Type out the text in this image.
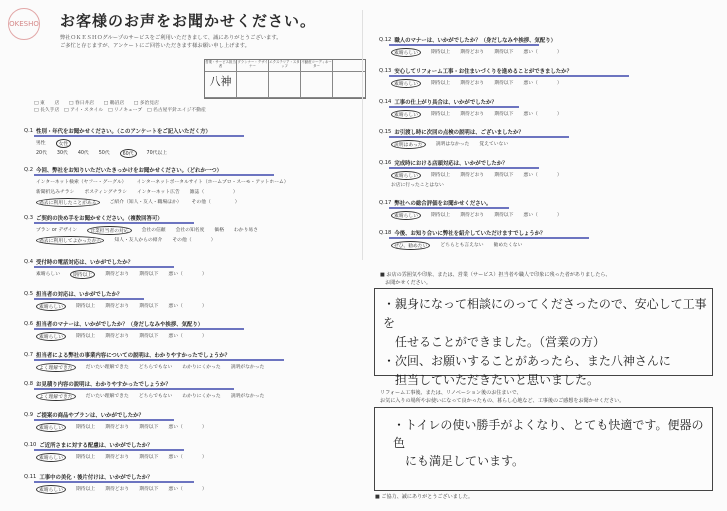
OKESHO お客様のお声をお聞かせください。
弊社ＯＫＥＳＨＯグループのサービスをご利用いただきまして、誠にありがとうございます。
ご多忙と存じますが、アンケートにご回答いただきます様お願い申し上げます。
営業・サービス担当者
プランナー・デザイナー
エクステリア・スタッフ
不動産コーディネーター
八神
□ 東　　店　　□ 春日井店　　□ 鵜沼店　　□ 多治見店
□ 長久手店　□ アイ・スタイル　□ リノキューブ　□ 名古屋平針エイジ不動産
Q.1 性別・年代をお聞かせください。（このアンケートをご記入いただく方）
男性	女性
20代 30代 40代 50代	60代	70代以上
Q.2 今回、弊社をお知りいただいたきっかけをお聞かせください。（どれか一つ）
インターネット検索（ヤフー・グーグル） インターネットポータルサイト（ホームプロ・スーモ・アットホーム）
新聞折込みチラシ ポスティングチラシ インターネット広告 雑誌（　　　　　　）
過去に利用したことがある	ご紹介（知人・友人・職場ほか） その他（　　　　　）
Q.3 ご契約の決め手をお聞かせください。（複数回答可）
プラン or デザイン	営業担当者の対応	会社の信頼 会社の知名度 価格 わかり易さ
過去に利用してよかったから	知人・友人からの紹介 その他（　　　　）
Q.4 受付時の電話対応は、いかがでしたか？
素晴らしい	期待以上	期待どおり 期待以下 悪い（　　　　）
Q.5 担当者の対応は、いかがでしたか？
素晴らしい	期待以上 期待どおり 期待以下 悪い（　　　　）
Q.6 担当者のマナーは、いかがでしたか？（身だしなみや挨拶、気配り）
素晴らしい	期待以上 期待どおり 期待以下 悪い（　　　　）
Q.7 担当者による弊社の事業内容についての説明は、わかりやすかったでしょうか？
よく理解できた	だいたい理解できた どちらでもない わかりにくかった 説明がなかった
Q.8 お見積り内容の説明は、わかりやすかったでしょうか？
よく理解できた	だいたい理解できた どちらでもない わかりにくかった 説明がなかった
Q.9 ご提案の商品やプランは、いかがでしたか？
素晴らしい	期待以上 期待どおり 期待以下 悪い（　　　　）
Q.10 ご近所さまに対する配慮は、いかがでしたか？
素晴らしい	期待以上 期待どおり 期待以下 悪い（　　　　）
Q.11 工事中の美化・後片付けは、いかがでしたか？
素晴らしい	期待以上 期待どおり 期待以下 悪い（　　　　）
Q.12 職人のマナーは、いかがでしたか？（身だしなみや挨拶、気配り）
素晴らしい	期待以上 期待どおり 期待以下 悪い（　　　　）
Q.13 安心してリフォーム工事・お住まいづくりを進めることができましたか？
素晴らしい	期待以上 期待どおり 期待以下 悪い（　　　　）
Q.14 工事の仕上がり具合は、いかがでしたか？
素晴らしい	期待以上 期待どおり 期待以下 悪い（　　　　）
Q.15 お引渡し時に次回の点検の説明は、ございましたか？
説明はあった	説明はなかった 覚えていない
Q.16 完成時における店頭対応は、いかがでしたか？
素晴らしい	期待以上 期待どおり 期待以下 悪い（　　　　）
お店に行ったことはない
Q.17 弊社への総合評価をお聞かせください。
素晴らしい	期待以上 期待どおり 期待以下 悪い（　　　　）
Q.18 今後、お知り合いに弊社を紹介していただけますでしょうか？
ぜひ、勧めたい	どちらとも言えない 勧めたくない
■ お店の雰囲気や印象、または、営業（サービス）担当者や職人で印象に残った者がありましたら、
　お聞かせください。
・親身になって相談にのってくださったので、安心して工事を
　任せることができました。（営業の方）
・次回、お願いすることがあったら、また八神さんに
　担当していただきたいと思いました。
リフォーム工事後、または、リノベーション後のお住まいで、
お気に入りの場所やお使いになって良かったもの、暮らし心地など、工事後のご感想をお聞かせください。
・トイレの使い勝手がよくなり、とても快適です。便器の色
　にも満足しています。
■ ご協力、誠にありがとうございました。
